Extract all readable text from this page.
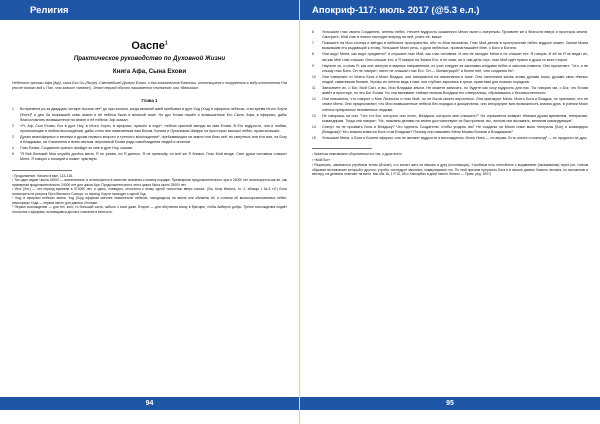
Религия
Оаспе$^1$
Практическое руководство по Духовной Жизни
Книга Афа, Сына Ехови
Небесные хроники Афа (Аф), сына Ехи Ои (Ягч)е), Светлейшей Дочери Ехови, и его компаньонов Фаэтики, относящиеся к погружению в воду континента Уэа (после нового вод и Пан, что значит «земля»). Этот период обычно называется «потопом» или «Великим».
Глава 1
1	Во времена ра за двадцать четыре тысячи лет² до эры космон, когда великий змей пребывал в дуге Ход (Ход) в эфирных небесах, и во время Итого Хоути (Фоте)³ и дея Хи возникшей семь жизни и её небеса были в великой тьме. Но дух Ехови нашёл и возвышенное Его Сына, Афа, в эфириях, дабы благословлять возвышенное на земле и её небеса: Аф сказал:
2	«Я, Аф, Сын Ехови, Бог в дуге Ноу, в Итого Хоути, в эфириях, пришёл в ходе⁴, небеса красной звезды во имя Ехови. В Его мудрости, они и любви, проникающие в любом восхождении, дабы стать вне навязанным нам Богам, Богиня и Организмы Шифри на просторах высших небес, провозглашаю:
3	Духам атмосферных и вечным и духам первого второго и третьего восхождения⁵, пребывающим на земле или близ неё, во смертных или ёта или, на Богу и Владыкам, на Спасителю и всем святым, верховный Ехови ради освобождения людей и ангелов.
4	Глас Ехови, Создателя хранил прийдут ко мне в дуге Ноу, сказав:
5	"Я Всё Великий Моя служба донёся меня. Я не узнаю, ни Я далеко. Я не превзойу, но всё же Я близко. Глас Мой везде. Свет души человека слышит Меня. Я говорю к полицей и может чувствую.
¹ Продолжение. Начало в вып. 113–116.
² Тип один седме Числа 24000 — аналитичные, и используется в качестве значения к своему порядке. Премьерная продолжительность эры в 24000 лет используется как же, как примерная продолжительность 24000 лет для цикла Ари. Продолжительность этого цикла была около 25000 лет.
³ Итог (Хот) — это период времени в 574000 лет, и здесь, очевидно, относится к этому одной точностью вверх списка. (См. Кону Июсита, гл. 2, абзацы 1 Ак-3 т.б.) Если посмотреть на рисунок Пути Великого Солнца, то период Ход не приходит к одной Ход.
⁴ Ход: в эфирных небесах земли. Ход (Ход) эфирная светлее значительно небесах, находящихся на земле или обижены ей, и отличии её высокоорганизованных небес: атмосферы Хода — первое место для данных Итогами.
⁵ Первое восхождение — для тех, кого, то больший часть, забыть о воих даже. Второе — для облучения внизу в братцем, чтобы Амберно добро. Третье восхождения подаёт относится к эфириям, пытающимся достать сознание в вечность.
94
Апокриф-117: июль 2017 (@5.3 е.л.)
6	Услышьте глас своего Создателя, ангелы небес. Несите мудрость сказанного Мною ныне к смертным. Проявите же к благости вверх и просторы земли. Смотрите, Мой глас в нежно нисходит вперед на ней, учите её, выше.
7	Покажите на Мои солнца и звёзды в небесное пространство, ибо то Мои письмена. Глас Мой делом в пространстве небес мудрые может. Своим Моим вызывшим его рыдающий к этому. Услышьте Моих речь, о духи небесных, провозглашайте Мне, о Боги и Богини.
8	Они ищут Меня, как ищут предметы¹, и слушают глас Мой, как глас человека. И они не находят Меня и не слышат его. Я говорю. И ей не Я не видят их, им как Мне глас слышат. Они слышат его, и Я говорю на Земля Его, и не зная, ни о там день глух, глас Мой идёт прямо в души со всех сторон.
9	Научите их, и семь Я, как они смотрят в мирных направления; их учат следует за законами-плодами небес и законов-ставили. Они причитают: "Что, я не слышу глас Бога. Он не говорит; нисто не слышал глас Его. Он — Всемогущий,² и более неё, чем создания Ни".
10	Они отвергают от Моего Бога и Моих Владык, они запираются на заклинания в тьме. Они наполнили жизнь этими духами тьмы, духами свои тёмных людей, каменными богами. Угрозы их летели ведь к нам: они глубоко зарылись в грязи, приятным для низших порядков.
11	Запомните их, о Бог, Мой Сын, и вы, Мои Владыки земли. Не можете записать, но будете как хочу мудрость для нас. Ты говорил им, о Бог, что Ехови живёт в просторе, но эти Бог Ехови. Но они выпивают тайные письма Владыки его отвергались, обратившись к бессмысленности.
12	Они спасаются, что говорят о Мое Личность и глас Мой, но не богов своего вероятных. Они критикуют Меня, Моего Бога и Владык, но признают, что не знают Меня. Они предполагают, что Мои возвышенные небеса без порядка и дисциплины; они игнорируют всю возможность знания духа, в учении Моих слепых прекрасных неизменных людьми.
13	Не говоришь ли они: "Что тот Бог, которого они чтить, Владыка, которого мне слышать?" Но отражается возврат тёмным духам временем, генералам, командирам. Тогда они говорят: "Их, назывем делами на земли достоинствуют их быстротвом, вы, чистым них вызывать, великим командующие".
14	Станут ли не прозвать Бога и Владыку? Что сделать Создателю, чтобы угодить им? Не созданы ли Мною ниже моих генералы (Бог) и командиры (Владыка)? Кто знаком знаются Бога и им Владыки? Почему они называть Меня Моими Богами и Владыками?
15	Услышьте Меня, о Боги и Богини эфирии: они не желают мудрости и восхождения. Ихлю Ноеь — но верам. Есть опыта и поклонд³ — но продости их душ.
¹ Казалось невозможно сборочевности и так, о душе всего
² «Мой Бог»
³ Разрешать, заниматься утробным телом (Итоган), что значит жить не мешать в духу (погоняющих). Утробным есть отнесённое к выдавливно (нагаживания) через рот, тонком обрывом на назначает который и другого, утробы, последуют законных, коммулировал что. По этой причине прерность Бога и в начале дывать Ханкого человек, по положению в вестеру, на денежно отвечает на меня. Как оба 16, 1 Р 20, 65 и Ханкорбал в дней ничего Ленито — Прим. ред. 2007)
95
